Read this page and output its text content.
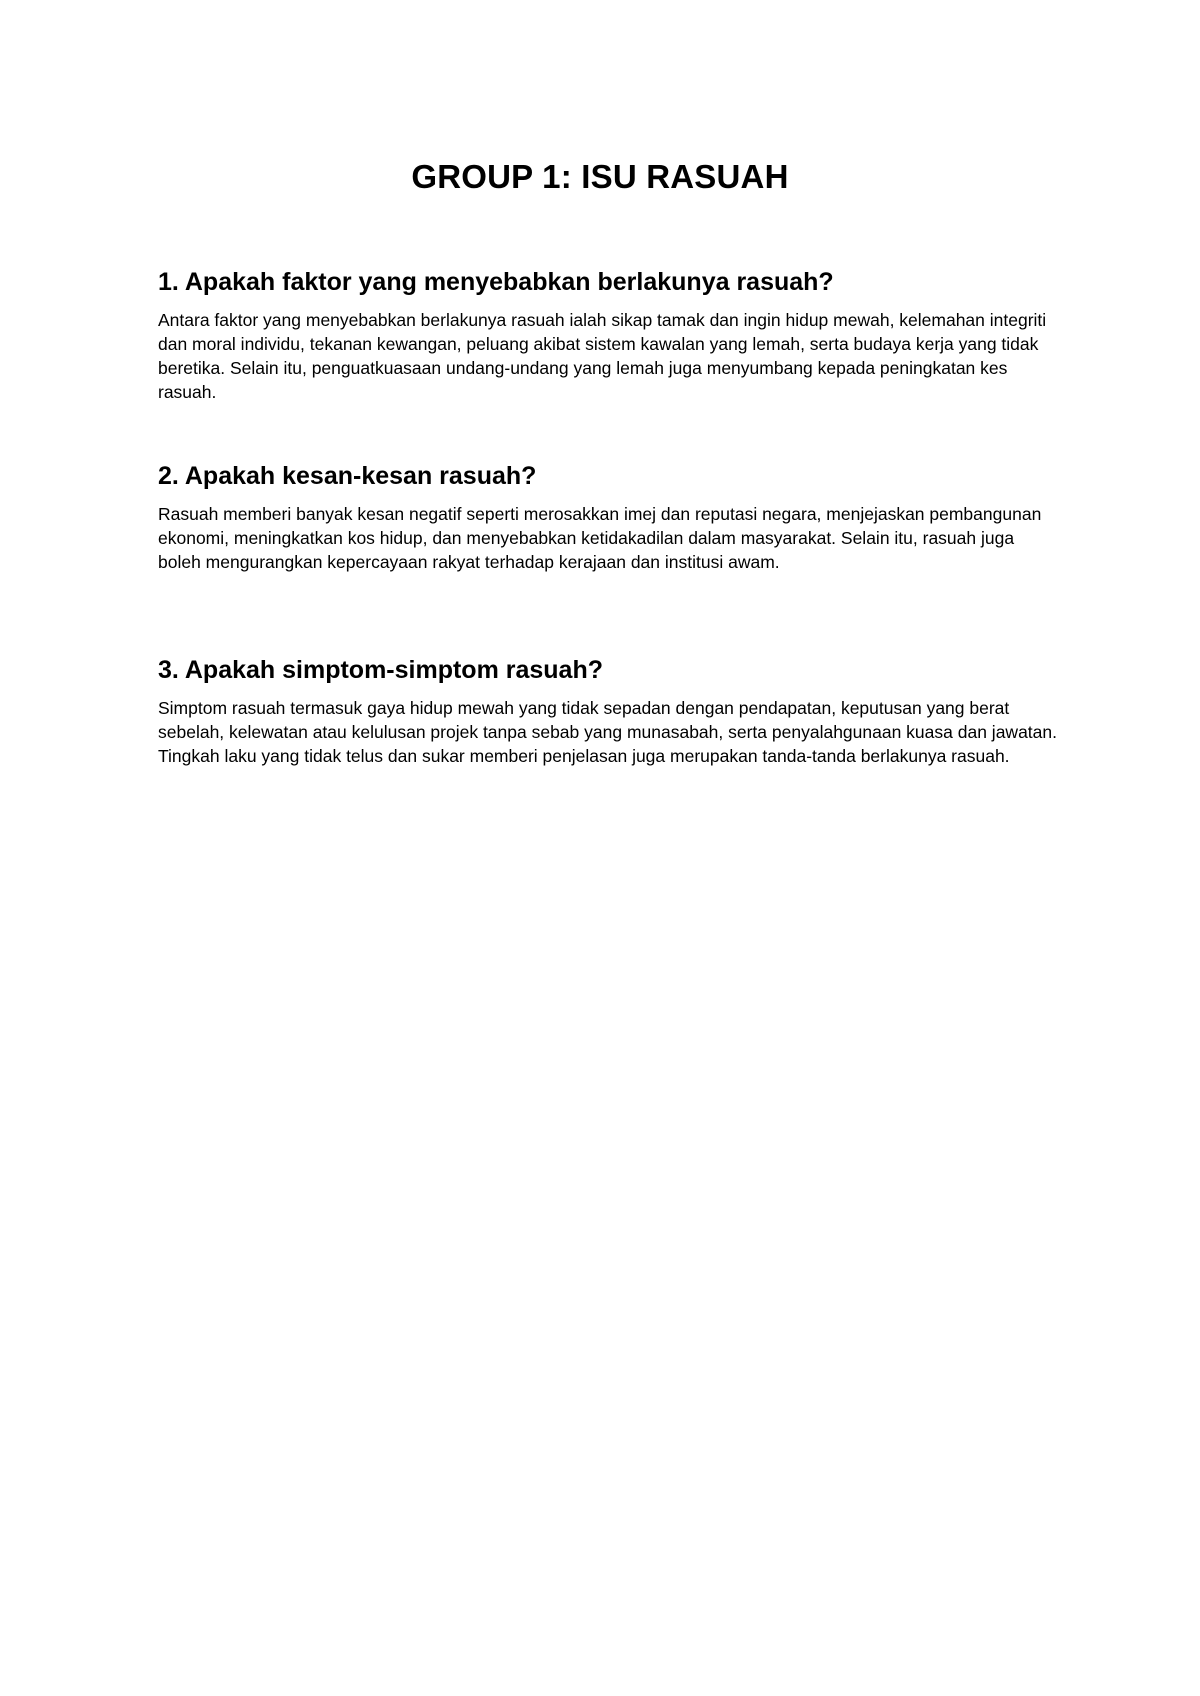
GROUP 1: ISU RASUAH
1. Apakah faktor yang menyebabkan berlakunya rasuah?

Antara faktor yang menyebabkan berlakunya rasuah ialah sikap tamak dan ingin hidup mewah, kelemahan integriti dan moral individu, tekanan kewangan, peluang akibat sistem kawalan yang lemah, serta budaya kerja yang tidak beretika. Selain itu, penguatkuasaan undang-undang yang lemah juga menyumbang kepada peningkatan kes rasuah.

2. Apakah kesan-kesan rasuah?

Rasuah memberi banyak kesan negatif seperti merosakkan imej dan reputasi negara, menjejaskan pembangunan ekonomi, meningkatkan kos hidup, dan menyebabkan ketidakadilan dalam masyarakat. Selain itu, rasuah juga boleh mengurangkan kepercayaan rakyat terhadap kerajaan dan institusi awam.

3. Apakah simptom-simptom rasuah?

Simptom rasuah termasuk gaya hidup mewah yang tidak sepadan dengan pendapatan, keputusan yang berat sebelah, kelewatan atau kelulusan projek tanpa sebab yang munasabah, serta penyalahgunaan kuasa dan jawatan. Tingkah laku yang tidak telus dan sukar memberi penjelasan juga merupakan tanda-tanda berlakunya rasuah.
